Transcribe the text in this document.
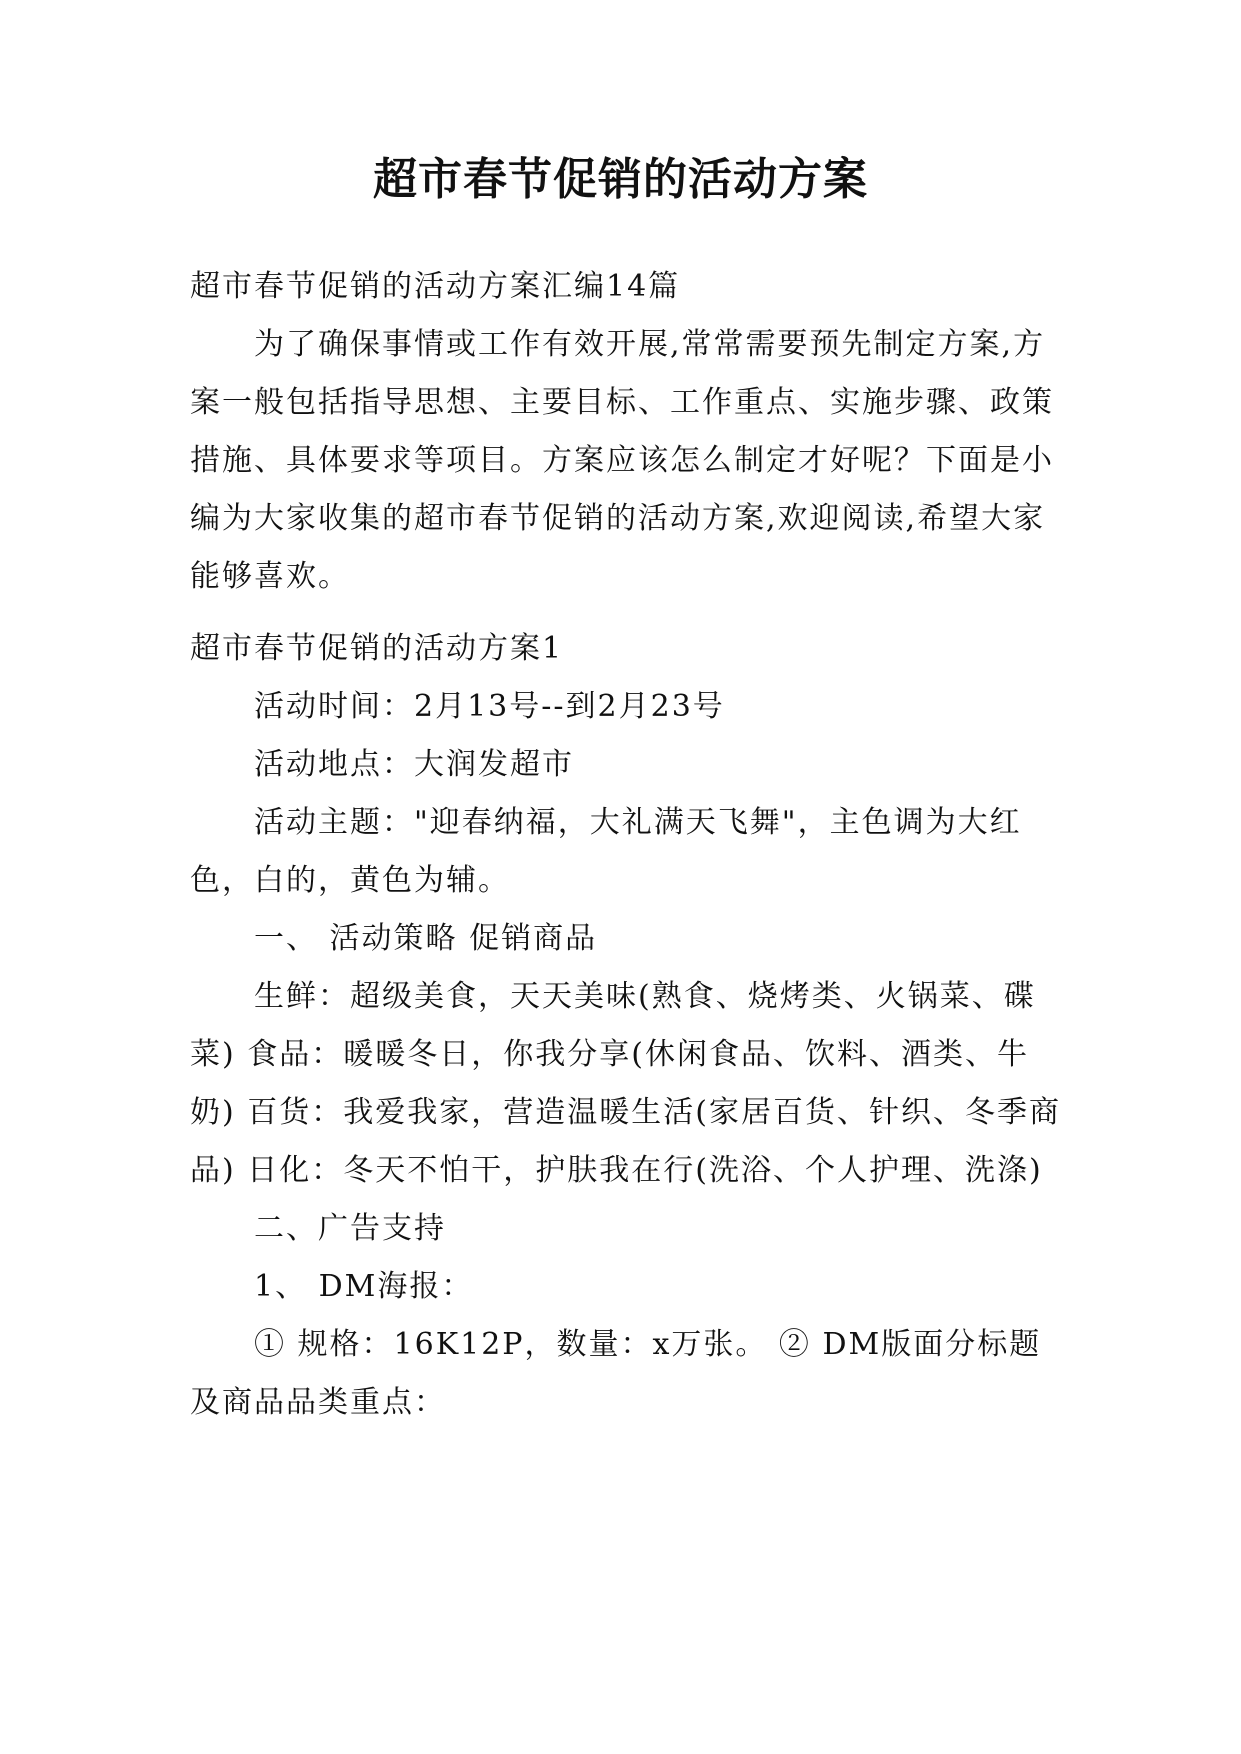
超市春节促销的活动方案

超市春节促销的活动方案汇编14篇

为了确保事情或工作有效开展,常常需要预先制定方案,方案一般包括指导思想、主要目标、工作重点、实施步骤、政策措施、具体要求等项目。方案应该怎么制定才好呢？下面是小编为大家收集的超市春节促销的活动方案,欢迎阅读,希望大家能够喜欢。

超市春节促销的活动方案1

活动时间：2月13号--到2月23号

活动地点：大润发超市

活动主题："迎春纳福，大礼满天飞舞"，主色调为大红色，白的，黄色为辅。

一、 活动策略 促销商品

生鲜：超级美食，天天美味(熟食、烧烤类、火锅菜、碟菜) 食品：暖暖冬日，你我分享(休闲食品、饮料、酒类、牛奶) 百货：我爱我家，营造温暖生活(家居百货、针织、冬季商品) 日化：冬天不怕干，护肤我在行(洗浴、个人护理、洗涤)

二、广告支持

1、 DM海报：

① 规格：16K12P，数量：x万张。 ② DM版面分标题及商品品类重点：
